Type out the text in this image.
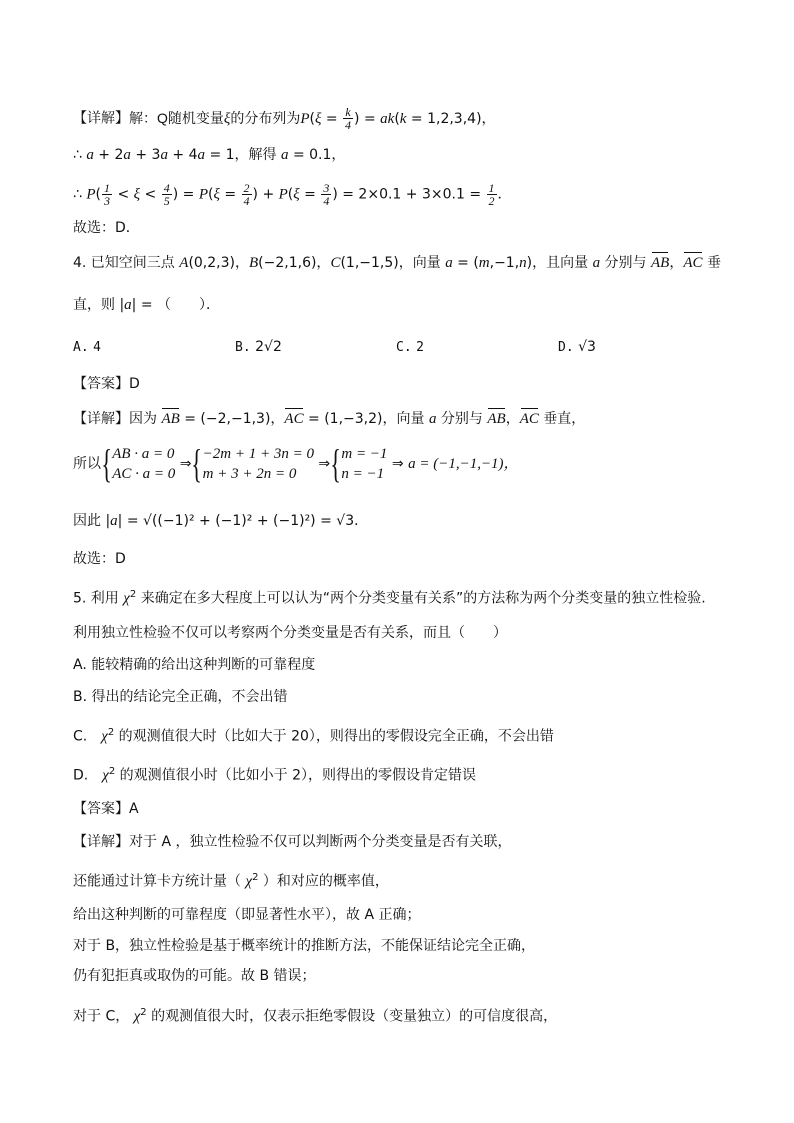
【详解】解：Q随机变量ξ的分布列为$P(\xi = \frac{k}{4}$ ) = ak(k = 1,2,3,4)，
∴ a + 2a + 3a + 4a = 1，解得 a = 0.1，
∴ $P( \frac{1}{3} < \xi < \frac{4}{5}$ ) = $P(\xi = \frac{2}{4}$ ) + $P(\xi = \frac{3}{4}$ ) = $2\times 0.1 + 3\times 0.1 = \frac{1}{2}$ ．
故选：D．
4. 已知空间三点 A(0,2,3)，B(−2,1,6)，C(1,−1,5)，向量 a = (m,−1,n)，且向量 a 分别与 AB，AC 垂
直，则 |a| = （　　）．
A. 4	B. 2√2	C. 2	D. √3
【答案】D
【详解】因为 AB = (−2,−1,3)，AC = (1,−3,2)，向量 a 分别与 AB，AC 垂直，
所以{AB · a = 0
AC · a = 0 ⇒{−2m + 1 + 3n = 0
m + 3 + 2n = 0 ⇒{m = −1
n = −1 ⇒ a = (−1,−1,−1)，
因此 |a| = √((−1)² + (−1)² + (−1)²) = √3．
故选：D
5. 利用 $\chi^2$ 来确定在多大程度上可以认为“两个分类变量有关系”的方法称为两个分类变量的独立性检验.
利用独立性检验不仅可以考察两个分类变量是否有关系，而且（　　）
A. 能较精确的给出这种判断的可靠程度
B. 得出的结论完全正确，不会出错
C.　$\chi^2$ 的观测值很大时（比如大于 20），则得出的零假设完全正确，不会出错
D.　$\chi^2$ 的观测值很小时（比如小于 2），则得出的零假设肯定错误
【答案】A
【详解】对于 A ，独立性检验不仅可以判断两个分类变量是否有关联，
还能通过计算卡方统计量（ $\chi^2$ ）和对应的概率值，
给出这种判断的可靠程度（即显著性水平），故 A 正确；
对于 B，独立性检验是基于概率统计的推断方法，不能保证结论完全正确，
仍有犯拒真或取伪的可能。故 B 错误；
对于 C， $\chi^2$ 的观测值很大时，仅表示拒绝零假设（变量独立）的可信度很高，
